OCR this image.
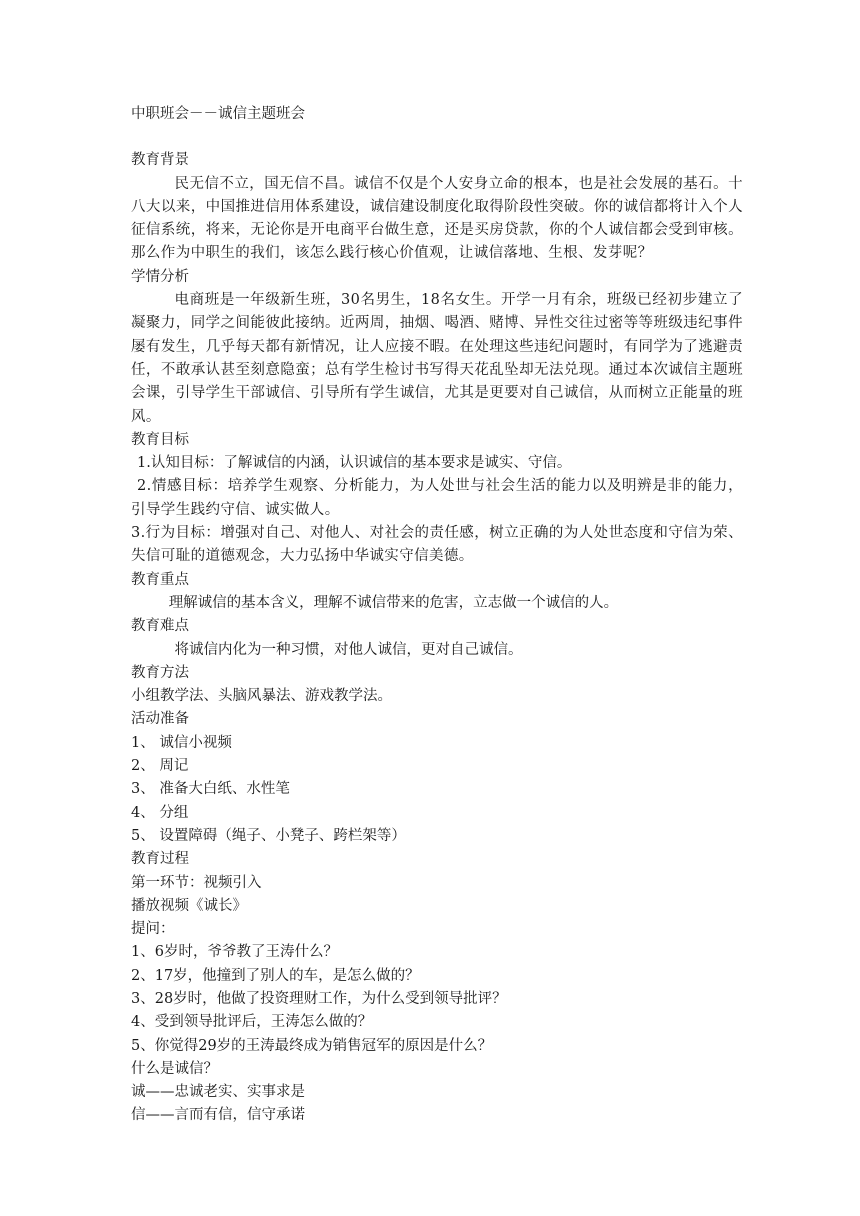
中职班会－－诚信主题班会

教育背景

民无信不立，国无信不昌。诚信不仅是个人安身立命的根本，也是社会发展的基石。十八大以来，中国推进信用体系建设，诚信建设制度化取得阶段性突破。你的诚信都将计入个人征信系统，将来，无论你是开电商平台做生意，还是买房贷款，你的个人诚信都会受到审核。那么作为中职生的我们，该怎么践行核心价值观，让诚信落地、生根、发芽呢？

学情分析

电商班是一年级新生班，30名男生，18名女生。开学一月有余，班级已经初步建立了凝聚力，同学之间能彼此接纳。近两周，抽烟、喝酒、赌博、异性交往过密等等班级违纪事件屡有发生，几乎每天都有新情况，让人应接不暇。在处理这些违纪问题时，有同学为了逃避责任，不敢承认甚至刻意隐蛮；总有学生检讨书写得天花乱坠却无法兑现。通过本次诚信主题班会课，引导学生干部诚信、引导所有学生诚信，尤其是更要对自己诚信，从而树立正能量的班风。

教育目标

1.认知目标：了解诚信的内涵，认识诚信的基本要求是诚实、守信。

2.情感目标：培养学生观察、分析能力，为人处世与社会生活的能力以及明辨是非的能力，引导学生践约守信、诚实做人。

3.行为目标：增强对自己、对他人、对社会的责任感，树立正确的为人处世态度和守信为荣、失信可耻的道德观念，大力弘扬中华诚实守信美德。

教育重点

理解诚信的基本含义，理解不诚信带来的危害，立志做一个诚信的人。

教育难点

将诚信内化为一种习惯，对他人诚信，更对自己诚信。

教育方法

小组教学法、头脑风暴法、游戏教学法。

活动准备

1、 诚信小视频

2、 周记

3、 准备大白纸、水性笔

4、 分组

5、 设置障碍（绳子、小凳子、跨栏架等）

教育过程

第一环节：视频引入

播放视频《诚长》

提问：

1、6岁时，爷爷教了王涛什么？

2、17岁，他撞到了别人的车，是怎么做的？

3、28岁时，他做了投资理财工作，为什么受到领导批评？

4、受到领导批评后，王涛怎么做的？

5、你觉得29岁的王涛最终成为销售冠军的原因是什么？

什么是诚信？

诚——忠诚老实、实事求是

信——言而有信，信守承诺
